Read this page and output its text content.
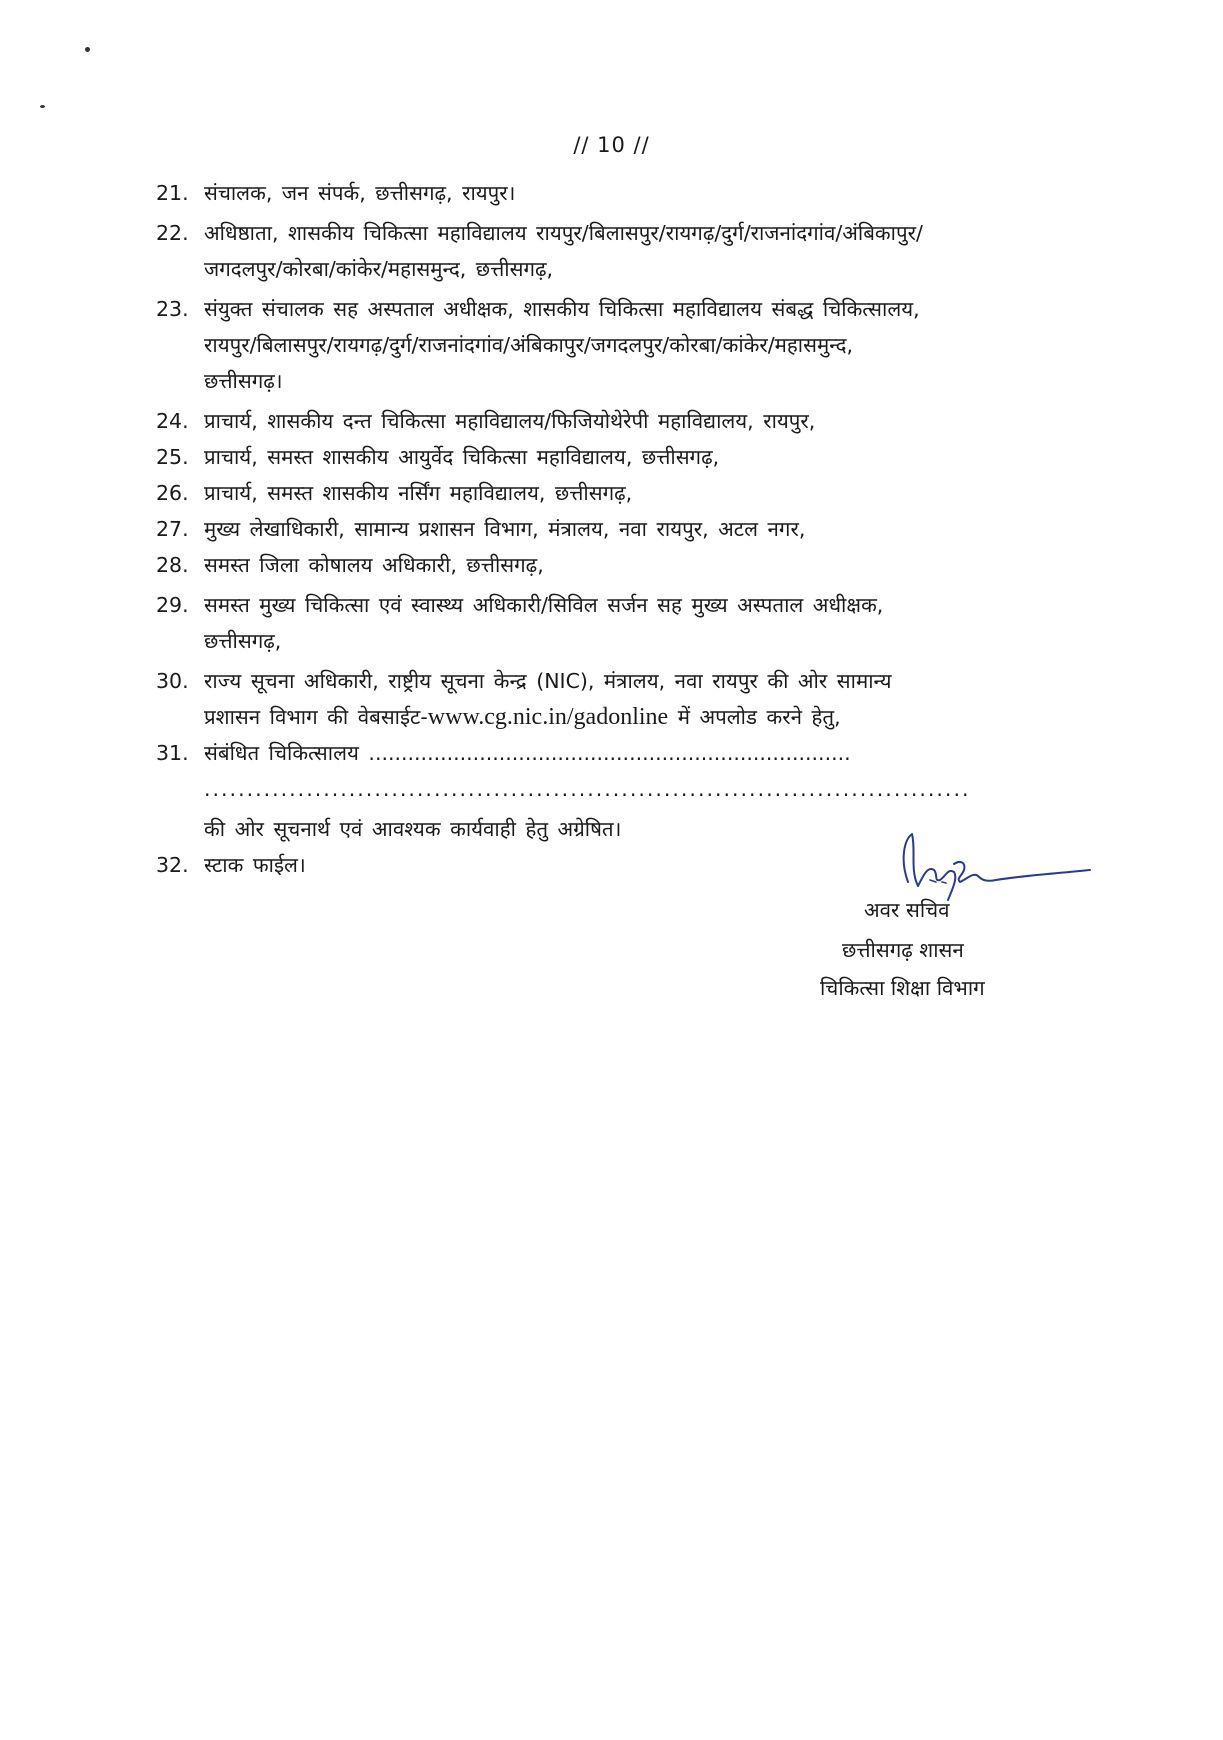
// 10 //
21. संचालक, जन संपर्क, छत्तीसगढ़, रायपुर।
22. अधिष्ठाता, शासकीय चिकित्सा महाविद्यालय रायपुर/बिलासपुर/रायगढ़/दुर्ग/राजनांदगांव/अंबिकापुर/
जगदलपुर/कोरबा/कांकेर/महासमुन्द, छत्तीसगढ़,
23. संयुक्त संचालक सह अस्पताल अधीक्षक, शासकीय चिकित्सा महाविद्यालय संबद्ध चिकित्सालय,
रायपुर/बिलासपुर/रायगढ़/दुर्ग/राजनांदगांव/अंबिकापुर/जगदलपुर/कोरबा/कांकेर/महासमुन्द,
छत्तीसगढ़।
24. प्राचार्य, शासकीय दन्त चिकित्सा महाविद्यालय/फिजियोथेरेपी महाविद्यालय, रायपुर,
25. प्राचार्य, समस्त शासकीय आयुर्वेद चिकित्सा महाविद्यालय, छत्तीसगढ़,
26. प्राचार्य, समस्त शासकीय नर्सिंग महाविद्यालय, छत्तीसगढ़,
27. मुख्य लेखाधिकारी, सामान्य प्रशासन विभाग, मंत्रालय, नवा रायपुर, अटल नगर,
28. समस्त जिला कोषालय अधिकारी, छत्तीसगढ़,
29. समस्त मुख्य चिकित्सा एवं स्वास्थ्य अधिकारी/सिविल सर्जन सह मुख्य अस्पताल अधीक्षक,
छत्तीसगढ़,
30. राज्य सूचना अधिकारी, राष्ट्रीय सूचना केन्द्र (NIC), मंत्रालय, नवा रायपुर की ओर सामान्य
प्रशासन विभाग की वेबसाईट-www.cg.nic.in/gadonline में अपलोड करने हेतु,
31. संबंधित चिकित्सालय ..........................................................................
..........................................................................................
की ओर सूचनार्थ एवं आवश्यक कार्यवाही हेतु अग्रेषित।
32. स्टाक फाईल।
अवर सचिव
छत्तीसगढ़ शासन
चिकित्सा शिक्षा विभाग
